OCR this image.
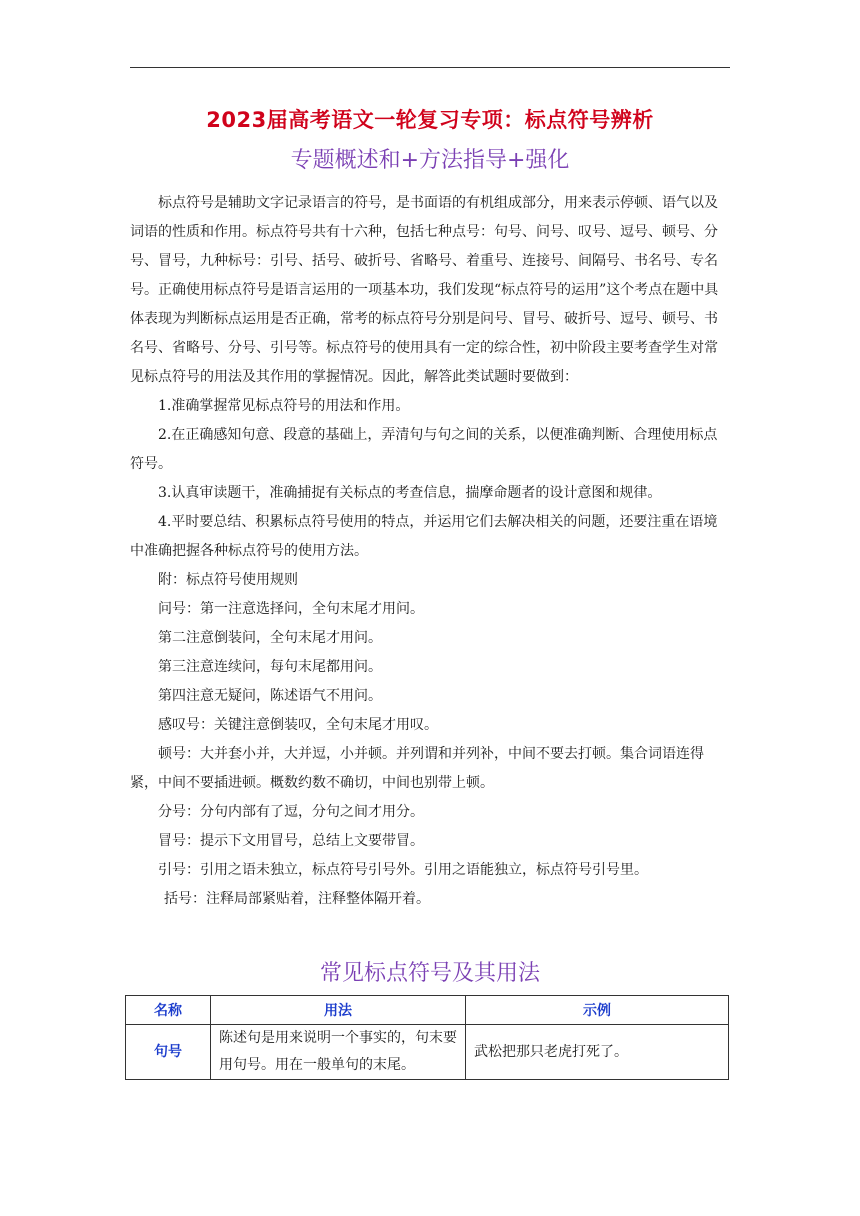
2023届高考语文一轮复习专项：标点符号辨析
专题概述和+方法指导+强化

标点符号是辅助文字记录语言的符号，是书面语的有机组成部分，用来表示停顿、语气以及词语的性质和作用。标点符号共有十六种，包括七种点号：句号、问号、叹号、逗号、顿号、分号、冒号，九种标号：引号、括号、破折号、省略号、着重号、连接号、间隔号、书名号、专名号。正确使用标点符号是语言运用的一项基本功，我们发现“标点符号的运用”这个考点在题中具体表现为判断标点运用是否正确，常考的标点符号分别是问号、冒号、破折号、逗号、顿号、书名号、省略号、分号、引号等。标点符号的使用具有一定的综合性，初中阶段主要考查学生对常见标点符号的用法及其作用的掌握情况。因此，解答此类试题时要做到：

1.准确掌握常见标点符号的用法和作用。

2.在正确感知句意、段意的基础上，弄清句与句之间的关系，以便准确判断、合理使用标点符号。

3.认真审读题干，准确捕捉有关标点的考查信息，揣摩命题者的设计意图和规律。

4.平时要总结、积累标点符号使用的特点，并运用它们去解决相关的问题，还要注重在语境中准确把握各种标点符号的使用方法。

附：标点符号使用规则

问号：第一注意选择问，全句末尾才用问。

第二注意倒装问，全句末尾才用问。

第三注意连续问，每句末尾都用问。

第四注意无疑问，陈述语气不用问。

感叹号：关键注意倒装叹，全句末尾才用叹。

顿号：大并套小并，大并逗，小并顿。并列谓和并列补，中间不要去打顿。集合词语连得紧，中间不要插进顿。概数约数不确切，中间也别带上顿。

分号：分句内部有了逗，分句之间才用分。

冒号：提示下文用冒号，总结上文要带冒。

引号：引用之语未独立，标点符号引号外。引用之语能独立，标点符号引号里。

括号：注释局部紧贴着，注释整体隔开着。

常见标点符号及其用法
名称	用法	示例
句号	陈述句是用来说明一个事实的，句末要用句号。用在一般单句的末尾。	武松把那只老虎打死了。
